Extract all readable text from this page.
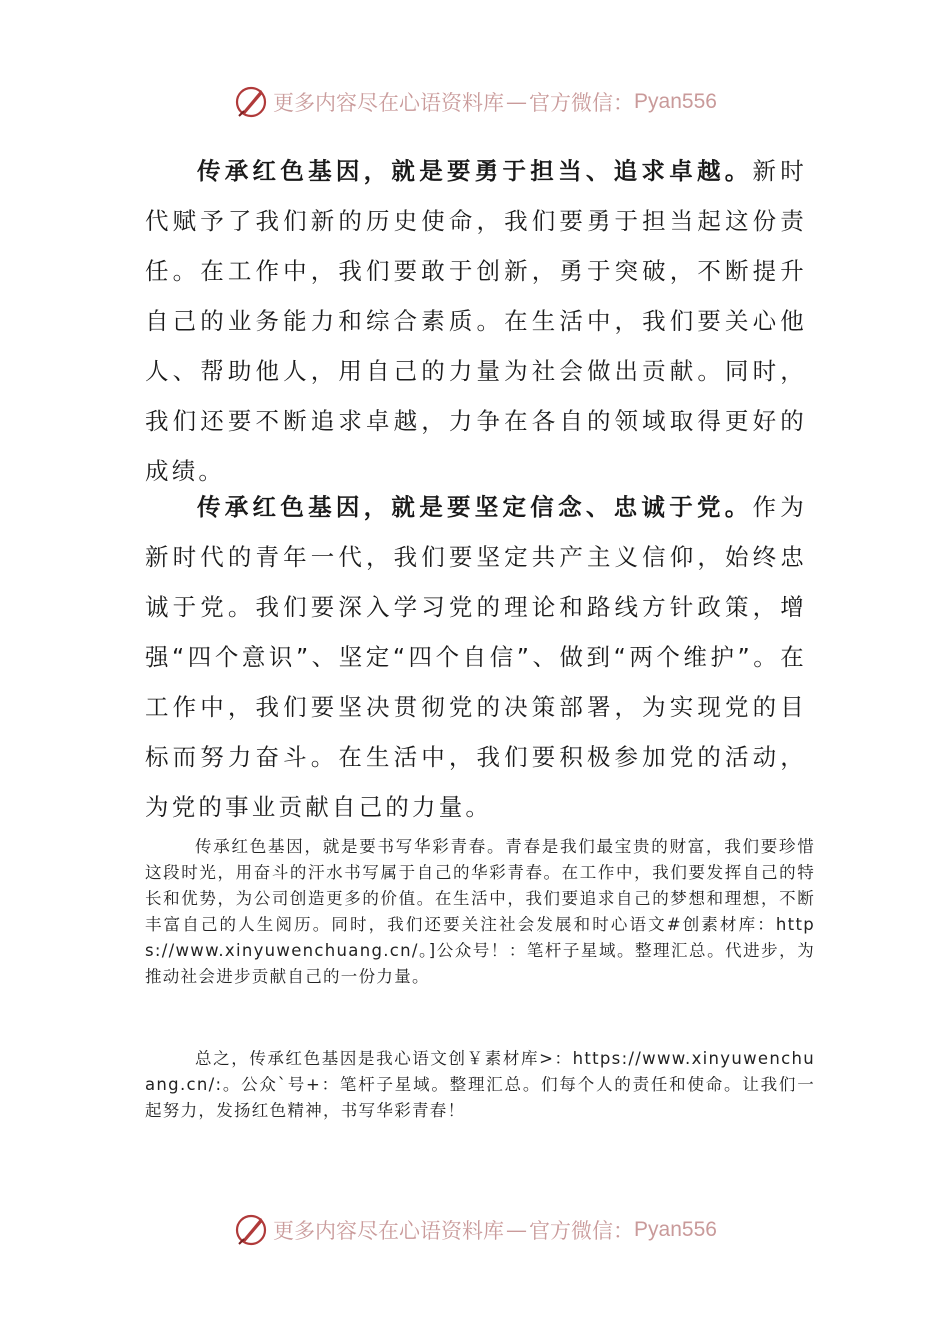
更多内容尽在心语资料库 — 官方微信： Pyan556

传承红色基因，就是要勇于担当、追求卓越。新时代赋予了我们新的历史使命，我们要勇于担当起这份责任。在工作中，我们要敢于创新，勇于突破，不断提升自己的业务能力和综合素质。在生活中，我们要关心他人、帮助他人，用自己的力量为社会做出贡献。同时，我们还要不断追求卓越，力争在各自的领域取得更好的成绩。

传承红色基因，就是要坚定信念、忠诚于党。作为新时代的青年一代，我们要坚定共产主义信仰，始终忠诚于党。我们要深入学习党的理论和路线方针政策，增强“四个意识”、坚定“四个自信”、做到“两个维护”。在工作中，我们要坚决贯彻党的决策部署，为实现党的目标而努力奋斗。在生活中，我们要积极参加党的活动，为党的事业贡献自己的力量。

传承红色基因，就是要书写华彩青春。青春是我们最宝贵的财富，我们要珍惜这段时光，用奋斗的汗水书写属于自己的华彩青春。在工作中，我们要发挥自己的特长和优势，为公司创造更多的价值。在生活中，我们要追求自己的梦想和理想，不断丰富自己的人生阅历。同时，我们还要关注社会发展和时心语文#创素材库：https://www.xinyuwenchuang.cn/。]公众号！：笔杆子星域。整理汇总。代进步，为推动社会进步贡献自己的一份力量。

总之，传承红色基因是我心语文创￥素材库>：https://www.xinyuwenchuang.cn/:。公众`号+：笔杆子星域。整理汇总。们每个人的责任和使命。让我们一起努力，发扬红色精神，书写华彩青春！

更多内容尽在心语资料库 — 官方微信： Pyan556
